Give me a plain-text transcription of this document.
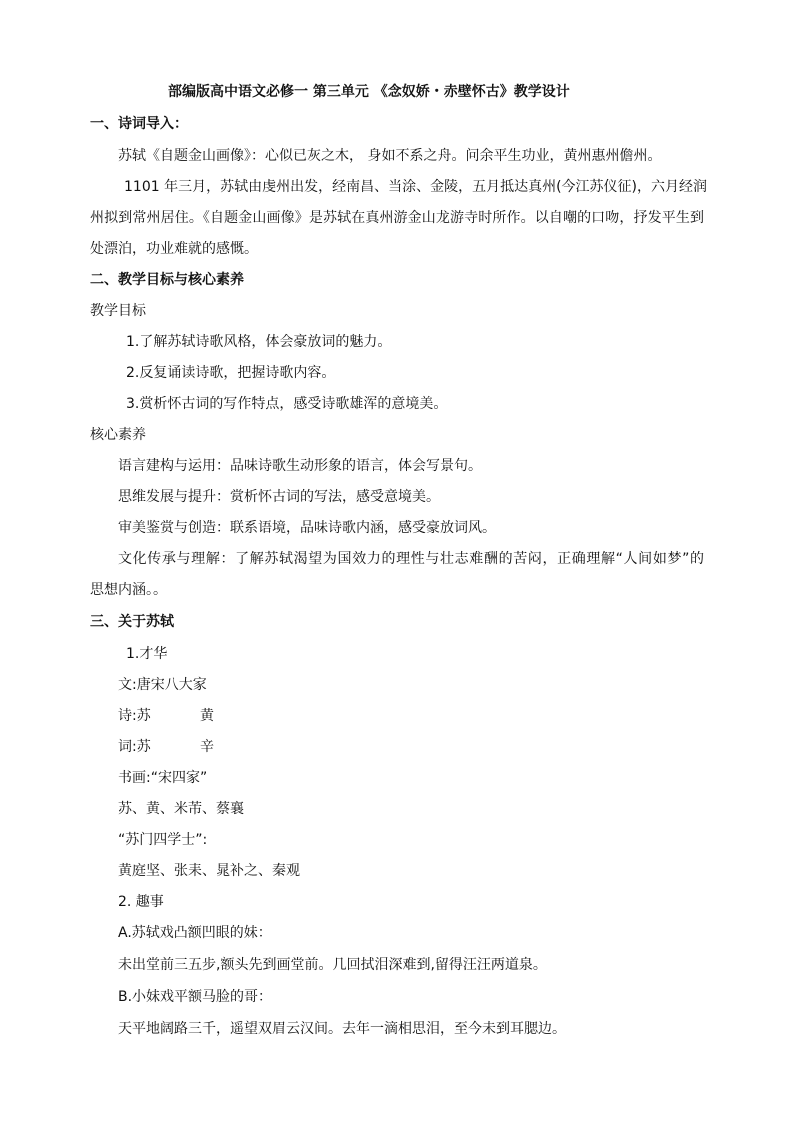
部编版高中语文必修一 第三单元 《念奴娇・赤壁怀古》教学设计
一、诗词导入：
苏轼《自题金山画像》：心似已灰之木， 身如不系之舟。问余平生功业，黄州惠州儋州。
1101 年三月，苏轼由虔州出发，经南昌、当涂、金陵，五月抵达真州(今江苏仪征)，六月经润
州拟到常州居住。《自题金山画像》是苏轼在真州游金山龙游寺时所作。以自嘲的口吻，抒发平生到
处漂泊，功业难就的感慨。
二、教学目标与核心素养
教学目标
1.了解苏轼诗歌风格，体会豪放词的魅力。
2.反复诵读诗歌，把握诗歌内容。
3.赏析怀古词的写作特点，感受诗歌雄浑的意境美。
核心素养
语言建构与运用：品味诗歌生动形象的语言，体会写景句。
思维发展与提升：赏析怀古词的写法，感受意境美。
审美鉴赏与创造：联系语境，品味诗歌内涵，感受豪放词风。
文化传承与理解：了解苏轼渴望为国效力的理性与壮志难酬的苦闷，正确理解“人间如梦”的
思想内涵。。
三、关于苏轼
1.才华
文:唐宋八大家
诗:苏	黄
词:苏	辛
书画:“宋四家”
苏、黄、米芾、蔡襄
“苏门四学士”:
黄庭坚、张耒、晁补之、秦观
2. 趣事
A.苏轼戏凸额凹眼的妹：
未出堂前三五步,额头先到画堂前。几回拭泪深难到,留得汪汪两道泉。
B.小妹戏平额马脸的哥：
天平地阔路三千，遥望双眉云汉间。去年一滴相思泪，至今未到耳腮边。
